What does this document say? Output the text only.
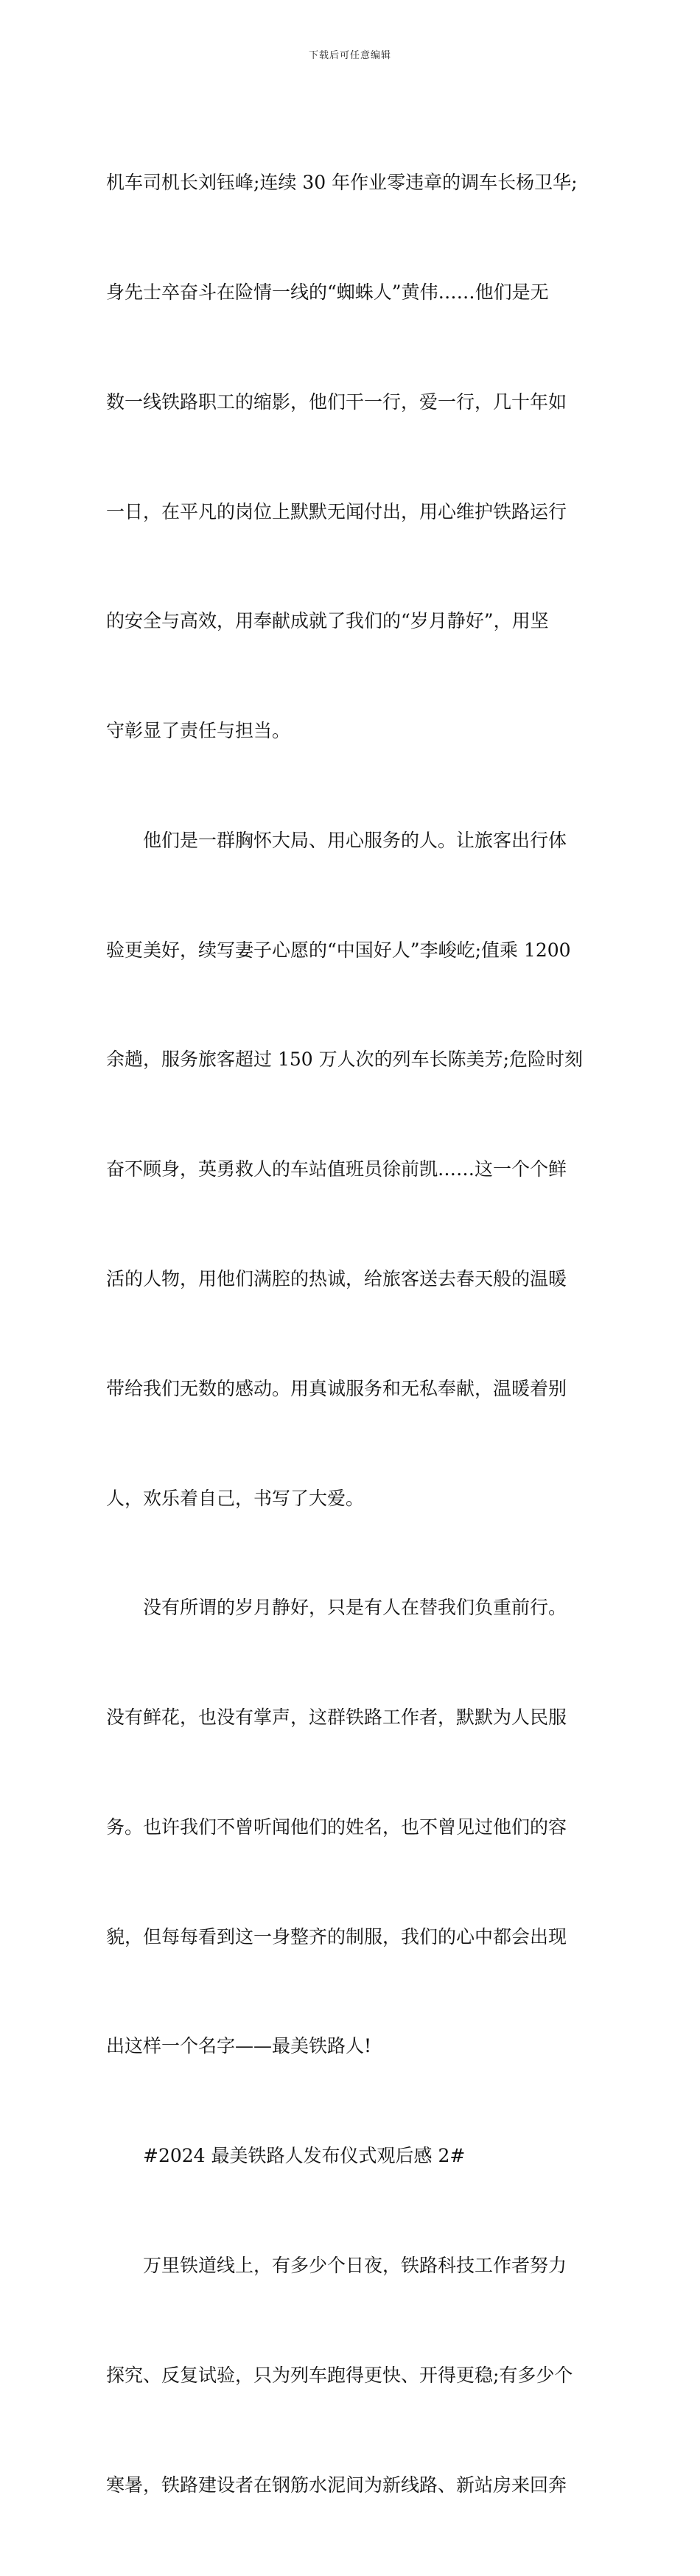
下载后可任意编辑

机车司机长刘钰峰;连续 30 年作业零违章的调车长杨卫华;

身先士卒奋斗在险情一线的“蜘蛛人”黄伟……他们是无

数一线铁路职工的缩影，他们干一行，爱一行，几十年如

一日，在平凡的岗位上默默无闻付出，用心维护铁路运行

的安全与高效，用奉献成就了我们的“岁月静好”，用坚

守彰显了责任与担当。

　　他们是一群胸怀大局、用心服务的人。让旅客出行体

验更美好，续写妻子心愿的“中国好人”李峻屹;值乘 1200

余趟，服务旅客超过 150 万人次的列车长陈美芳;危险时刻

奋不顾身，英勇救人的车站值班员徐前凯……这一个个鲜

活的人物，用他们满腔的热诚，给旅客送去春天般的温暖

带给我们无数的感动。用真诚服务和无私奉献，温暖着别

人，欢乐着自己，书写了大爱。

　　没有所谓的岁月静好，只是有人在替我们负重前行。

没有鲜花，也没有掌声，这群铁路工作者，默默为人民服

务。也许我们不曾听闻他们的姓名，也不曾见过他们的容

貌，但每每看到这一身整齐的制服，我们的心中都会出现

出这样一个名字——最美铁路人!

　　#2024 最美铁路人发布仪式观后感 2#

　　万里铁道线上，有多少个日夜，铁路科技工作者努力

探究、反复试验，只为列车跑得更快、开得更稳;有多少个

寒暑，铁路建设者在钢筋水泥间为新线路、新站房来回奔
